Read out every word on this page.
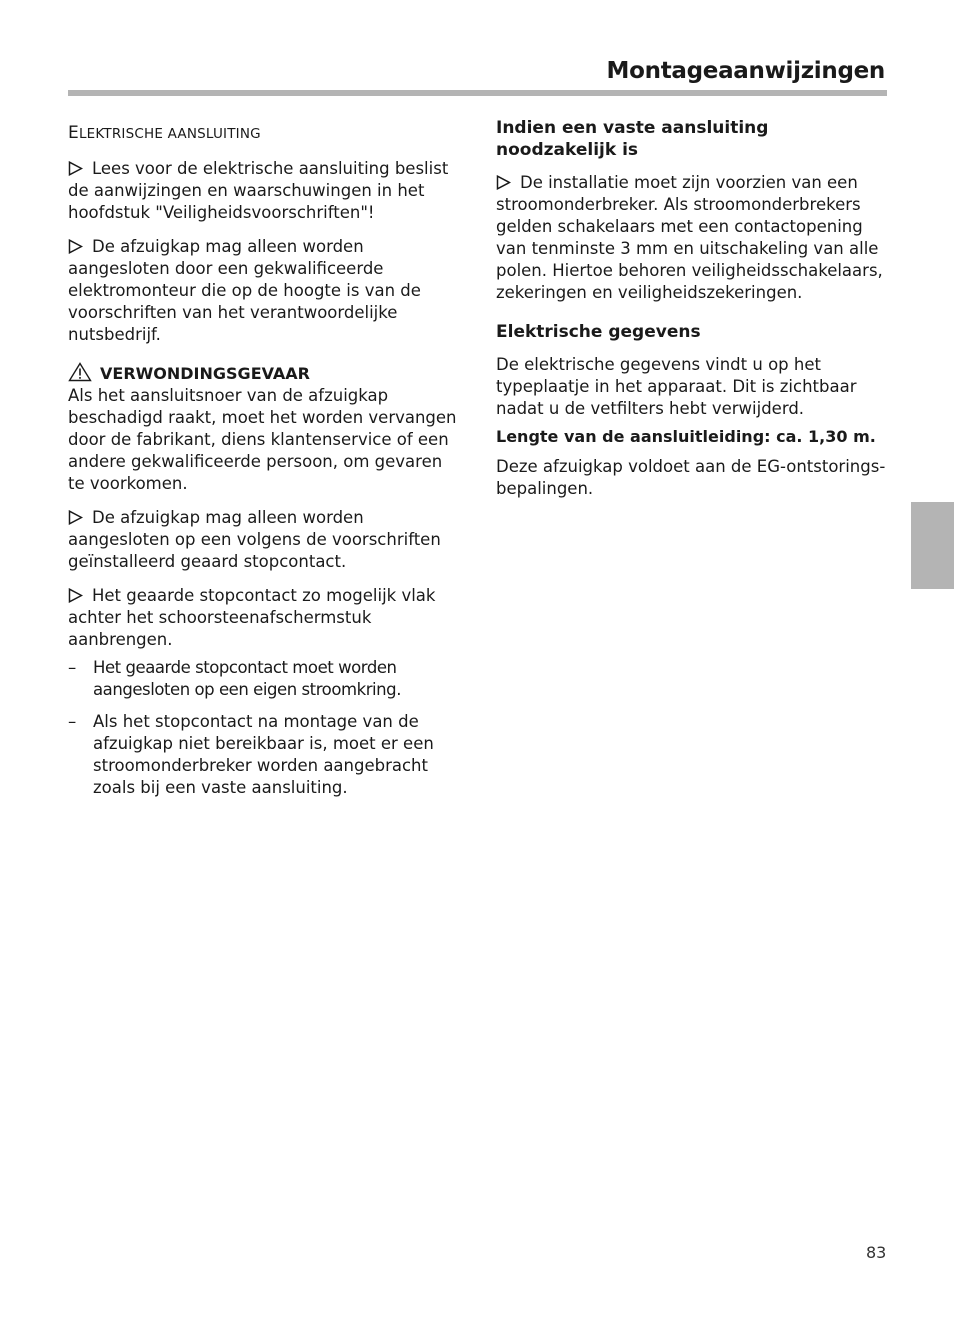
Montageaanwijzingen
ELEKTRISCHE AANSLUITING

Lees voor de elektrische aansluiting beslist de aanwijzingen en waarschuwingen in het hoofdstuk "Veiligheidsvoorschriften"!

De afzuigkap mag alleen worden aangesloten door een gekwalificeerde elektromonteur die op de hoogte is van de voorschriften van het verantwoordelijke nutsbedrijf.

VERWONDINGSGEVAAR
Als het aansluitsnoer van de afzuigkap beschadigd raakt, moet het worden vervangen door de fabrikant, diens klantenservice of een andere gekwalificeerde persoon, om gevaren te voorkomen.

De afzuigkap mag alleen worden aangesloten op een volgens de voorschriften geïnstalleerd geaard stopcontact.

Het geaarde stopcontact zo mogelijk vlak achter het schoorsteenafschermstuk aanbrengen.

– Het geaarde stopcontact moet worden aangesloten op een eigen stroomkring.
– Als het stopcontact na montage van de afzuigkap niet bereikbaar is, moet er een stroomonderbreker worden aangebracht zoals bij een vaste aansluiting.
Indien een vaste aansluiting noodzakelijk is

De installatie moet zijn voorzien van een stroomonderbreker. Als stroomonderbrekers gelden schakelaars met een contactopening van tenminste 3 mm en uitschakeling van alle polen. Hiertoe behoren veiligheidsschakelaars, zekeringen en veiligheidszekeringen.

Elektrische gegevens

De elektrische gegevens vindt u op het typeplaatje in het apparaat. Dit is zichtbaar nadat u de vetfilters hebt verwijderd.

Lengte van de aansluitleiding: ca. 1,30 m.

Deze afzuigkap voldoet aan de EG-ontstorings-bepalingen.

83
